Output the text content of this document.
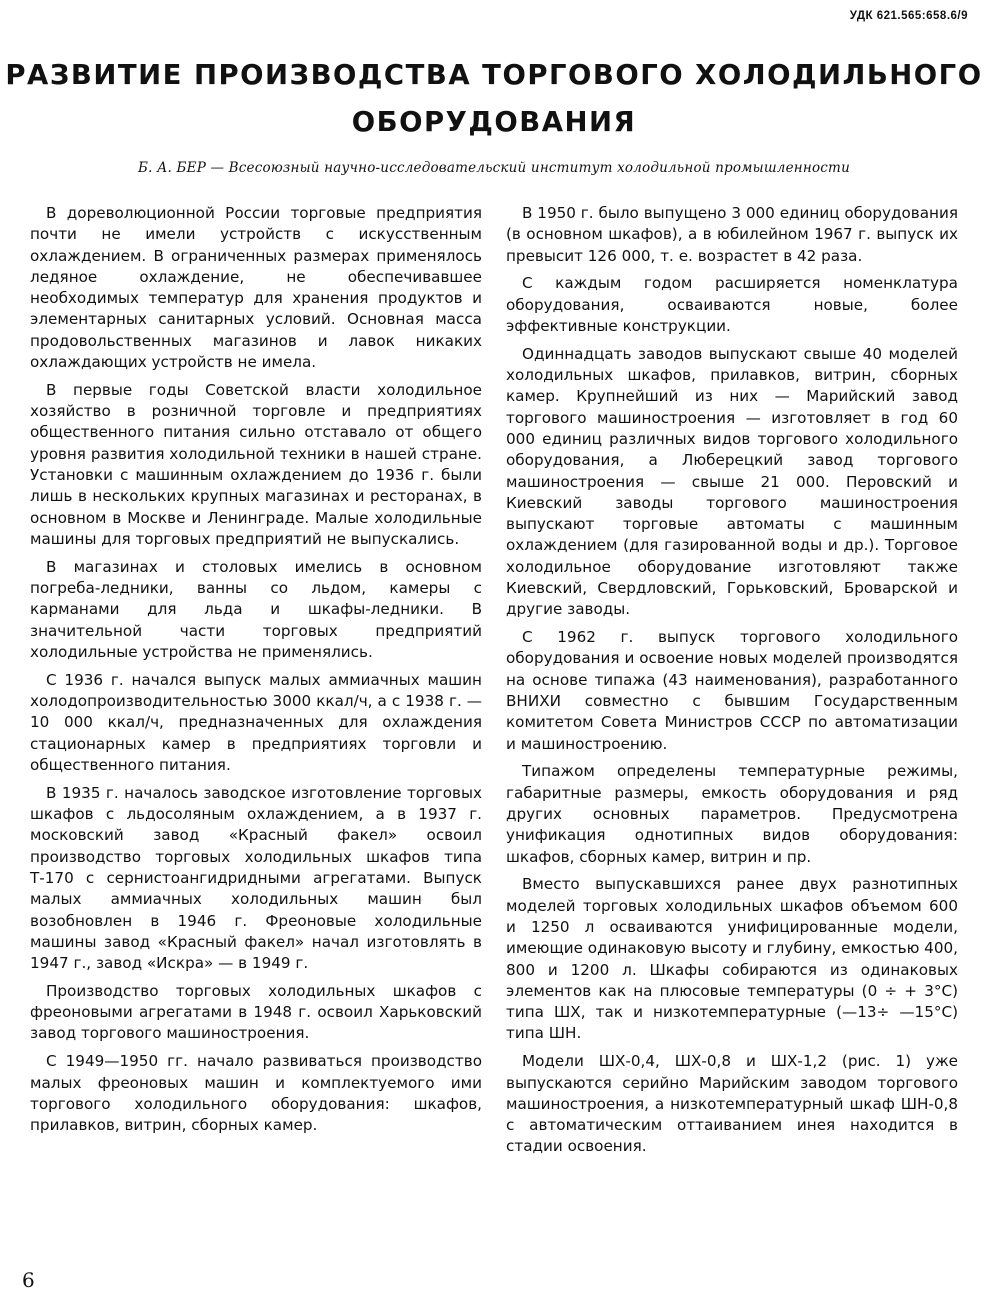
УДК 621.565:658.6/9
РАЗВИТИЕ ПРОИЗВОДСТВА ТОРГОВОГО ХОЛОДИЛЬНОГО
ОБОРУДОВАНИЯ
Б. А. БЕР — Всесоюзный научно-исследовательский институт холодильной промышленности

В дореволюционной России торговые предприятия почти не имели устройств с искусственным охлаждением. В ограниченных размерах применялось ледяное охлаждение, не обеспечивавшее необходимых температур для хранения продуктов и элементарных санитарных условий. Основная масса продовольственных магазинов и лавок никаких охлаждающих устройств не имела.

В первые годы Советской власти холодильное хозяйство в розничной торговле и предприятиях общественного питания сильно отставало от общего уровня развития холодильной техники в нашей стране. Установки с машинным охлаждением до 1936 г. были лишь в нескольких крупных магазинах и ресторанах, в основном в Москве и Ленинграде. Малые холодильные машины для торговых предприятий не выпускались.

В магазинах и столовых имелись в основном погреба-ледники, ванны со льдом, камеры с карманами для льда и шкафы-ледники. В значительной части торговых предприятий холодильные устройства не применялись.

С 1936 г. начался выпуск малых аммиачных машин холодопроизводительностью 3000 ккал/ч, а с 1938 г. — 10 000 ккал/ч, предназначенных для охлаждения стационарных камер в предприятиях торговли и общественного питания.

В 1935 г. началось заводское изготовление торговых шкафов с льдосоляным охлаждением, а в 1937 г. московский завод «Красный факел» освоил производство торговых холодильных шкафов типа Т-170 с сернистоангидридными агрегатами. Выпуск малых аммиачных холодильных машин был возобновлен в 1946 г. Фреоновые холодильные машины завод «Красный факел» начал изготовлять в 1947 г., завод «Искра» — в 1949 г.

Производство торговых холодильных шкафов с фреоновыми агрегатами в 1948 г. освоил Харьковский завод торгового машиностроения.

С 1949—1950 гг. начало развиваться производство малых фреоновых машин и комплектуемого ими торгового холодильного оборудования: шкафов, прилавков, витрин, сборных камер.

В 1950 г. было выпущено 3 000 единиц оборудования (в основном шкафов), а в юбилейном 1967 г. выпуск их превысит 126 000, т. е. возрастет в 42 раза.

С каждым годом расширяется номенклатура оборудования, осваиваются новые, более эффективные конструкции.

Одиннадцать заводов выпускают свыше 40 моделей холодильных шкафов, прилавков, витрин, сборных камер. Крупнейший из них — Марийский завод торгового машиностроения — изготовляет в год 60 000 единиц различных видов торгового холодильного оборудования, а Люберецкий завод торгового машиностроения — свыше 21 000. Перовский и Киевский заводы торгового машиностроения выпускают торговые автоматы с машинным охлаждением (для газированной воды и др.). Торговое холодильное оборудование изготовляют также Киевский, Свердловский, Горьковский, Броварской и другие заводы.

С 1962 г. выпуск торгового холодильного оборудования и освоение новых моделей производятся на основе типажа (43 наименования), разработанного ВНИХИ совместно с бывшим Государственным комитетом Совета Министров СССР по автоматизации и машиностроению.

Типажом определены температурные режимы, габаритные размеры, емкость оборудования и ряд других основных параметров. Предусмотрена унификация однотипных видов оборудования: шкафов, сборных камер, витрин и пр.

Вместо выпускавшихся ранее двух разнотипных моделей торговых холодильных шкафов объемом 600 и 1250 л осваиваются унифицированные модели, имеющие одинаковую высоту и глубину, емкостью 400, 800 и 1200 л. Шкафы собираются из одинаковых элементов как на плюсовые температуры (0 ÷ + 3°С) типа ШХ, так и низкотемпературные (—13÷ —15°С) типа ШН.

Модели ШХ-0,4, ШХ-0,8 и ШХ-1,2 (рис. 1) уже выпускаются серийно Марийским заводом торгового машиностроения, а низкотемпературный шкаф ШН-0,8 с автоматическим оттаиванием инея находится в стадии освоения.

6
